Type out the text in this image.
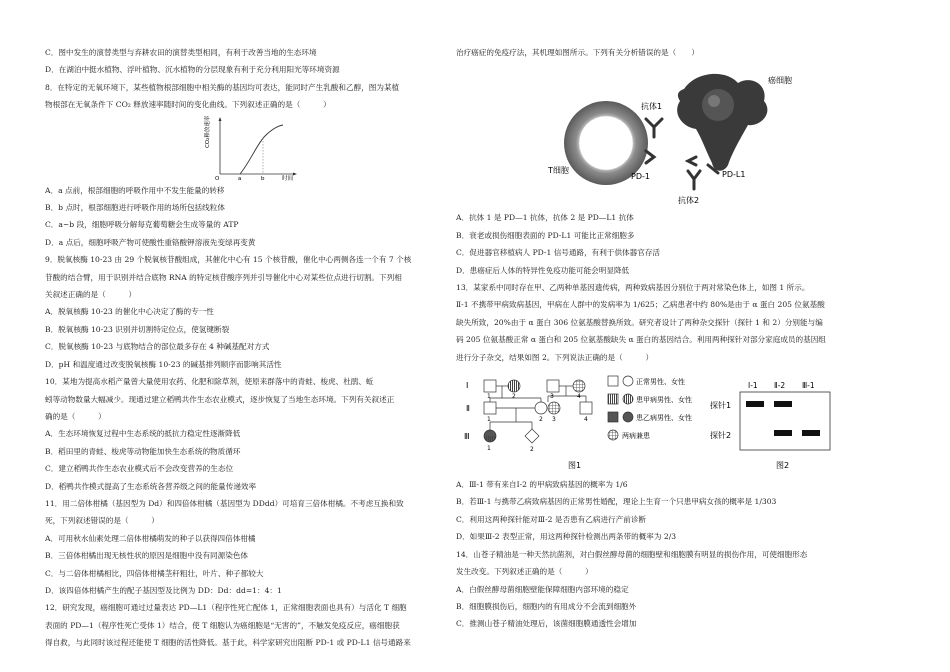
C．图中发生的演替类型与弃耕农田的演替类型相同，有利于改善当地的生态环境
D．在湖泊中挺水植物、浮叶植物、沉水植物的分层现象有利于充分利用阳光等环境资源
8．在特定的无氧环境下，某些植物根部细胞中相关酶的基因均可表达，能同时产生乳酸和乙醇，图为某植
物根部在无氧条件下 CO₂ 释放速率随时间的变化曲线。下列叙述正确的是（　　　）
CO₂释放速率
O	a	b	时间
A．a 点前，根部细胞的呼吸作用中不发生能量的转移
B．b 点时，根部细胞进行呼吸作用的场所包括线粒体
C．a~b 段，细胞呼吸分解每克葡萄糖会生成等量的 ATP
D．a 点后，细胞呼吸产物可使酸性重铬酸钾溶液先变绿再变黄
9．脱氧核酶 10-23 由 29 个脱氧核苷酸组成，其催化中心有 15 个核苷酸，催化中心两侧各连一个有 7 个核
苷酸的结合臂，用于识别并结合底物 RNA 的特定核苷酸序列并引导催化中心对某些位点进行切割。下列相
关叙述正确的是（　　　）
A．脱氧核酶 10-23 的催化中心决定了酶的专一性
B．脱氧核酶 10-23 识别并切割特定位点，使氢键断裂
C．脱氧核酶 10-23 与底物结合的部位最多存在 4 种碱基配对方式
D．pH 和温度通过改变脱氧核酶 10-23 的碱基排列顺序而影响其活性
10．某地为提高水稻产量曾大量使用农药、化肥和除草剂，使原来群落中的青蛙、梭虎、杜鹃、蚯
蚓等动物数量大幅减少。现通过建立稻鸭共作生态农业模式，逐步恢复了当地生态环境。下列有关叙述正
确的是（　　　）
A．生态环境恢复过程中生态系统的抵抗力稳定性逐渐降低
B．稻田里的青蛙、梭虎等动物能加快生态系统的物质循环
C．建立稻鸭共作生态农业模式后不会改变营养的生态位
D．稻鸭共作模式提高了生态系统各营养级之间的能量传递效率
11．用二倍体柑橘（基因型为 Dd）和四倍体柑橘（基因型为 DDdd）可培育三倍体柑橘。不考虑互换和致
死，下列叙述错误的是（　　　）
A．可用秋水仙素处理二倍体柑橘萌发的种子以获得四倍体柑橘
B．三倍体柑橘出现无核性状的原因是细胞中没有同源染色体
C．与二倍体柑橘相比，四倍体柑橘茎秆粗壮，叶片、种子都较大
D．该四倍体柑橘产生的配子基因型及比例为 DD：Dd：dd=1：4：1
12．研究发现，癌细胞可通过过量表达 PD—L1（程序性死亡配体 1，正常细胞表面也具有）与活化 T 细胞
表面的 PD—1（程序性死亡受体 1）结合，使 T 细胞认为癌细胞是“无害的”，不触发免疫反应，癌细胞获
得自救，与此同时该过程还能使 T 细胞的活性降低。基于此，科学家研究出阻断 PD-1 或 PD-L1 信号通路来
治疗癌症的免疫疗法，其机理如图所示。下列有关分析错误的是（　　）
抗体1
癌细胞
T细胞
PD-1	PD-L1
抗体2
A．抗体 1 是 PD—1 抗体，抗体 2 是 PD—L1 抗体
B．衰老或损伤细胞表面的 PD-L1 可能比正常细胞多
C．促进器官移植病人 PD-1 信号通路，有利于供体器官存活
D．患癌症后人体的特异性免疫功能可能会明显降低
13．某家系中同时存在甲、乙两种单基因遗传病，两种致病基因分别位于两对常染色体上，如图 1 所示。
Ⅱ-1 不携带甲病致病基因，甲病在人群中的发病率为 1/625；乙病患者中约 80%是由于 α 蛋白 205 位氨基酸
缺失所致，20%由于 α 蛋白 306 位氨基酸替换所致。研究者设计了两种杂交探针（探针 1 和 2）分别能与编
码 205 位氨基酸正常 α 蛋白和 205 位氨基酸缺失 α 蛋白的基因结合。利用两种探针对部分家庭成员的基因组
进行分子杂交，结果如图 2。下列说法正确的是（　　　）
Ⅰ
Ⅱ
Ⅲ
1	2	3	4
1	2 3	4
1	2
正常男性、女性
患甲病男性、女性
患乙病男性、女性
两病兼患
图1
Ⅰ-1 Ⅱ-2 Ⅲ-1
探针1
探针2
图2
A．Ⅲ-1 带有来自Ⅰ-2 的甲病致病基因的概率为 1/6
B．若Ⅲ-1 与携带乙病致病基因的正常男性婚配，理论上生育一个只患甲病女孩的概率是 1/303
C．利用这两种探针能对Ⅲ-2 是否患有乙病进行产前诊断
D．如果Ⅲ-2 表型正常，用这两种探针检测出两条带的概率为 2/3
14．山苍子精油是一种天然抗菌剂，对白假丝酵母菌的细胞壁和细胞膜有明显的损伤作用，可使细胞形态
发生改变。下列叙述正确的是（　　　）
A．白假丝酵母菌细胞壁能保障细胞内部环境的稳定
B．细胞膜损伤后，细胞内的有用成分不会流到细胞外
C．推测山苍子精油处理后，该菌细胞膜通透性会增加
